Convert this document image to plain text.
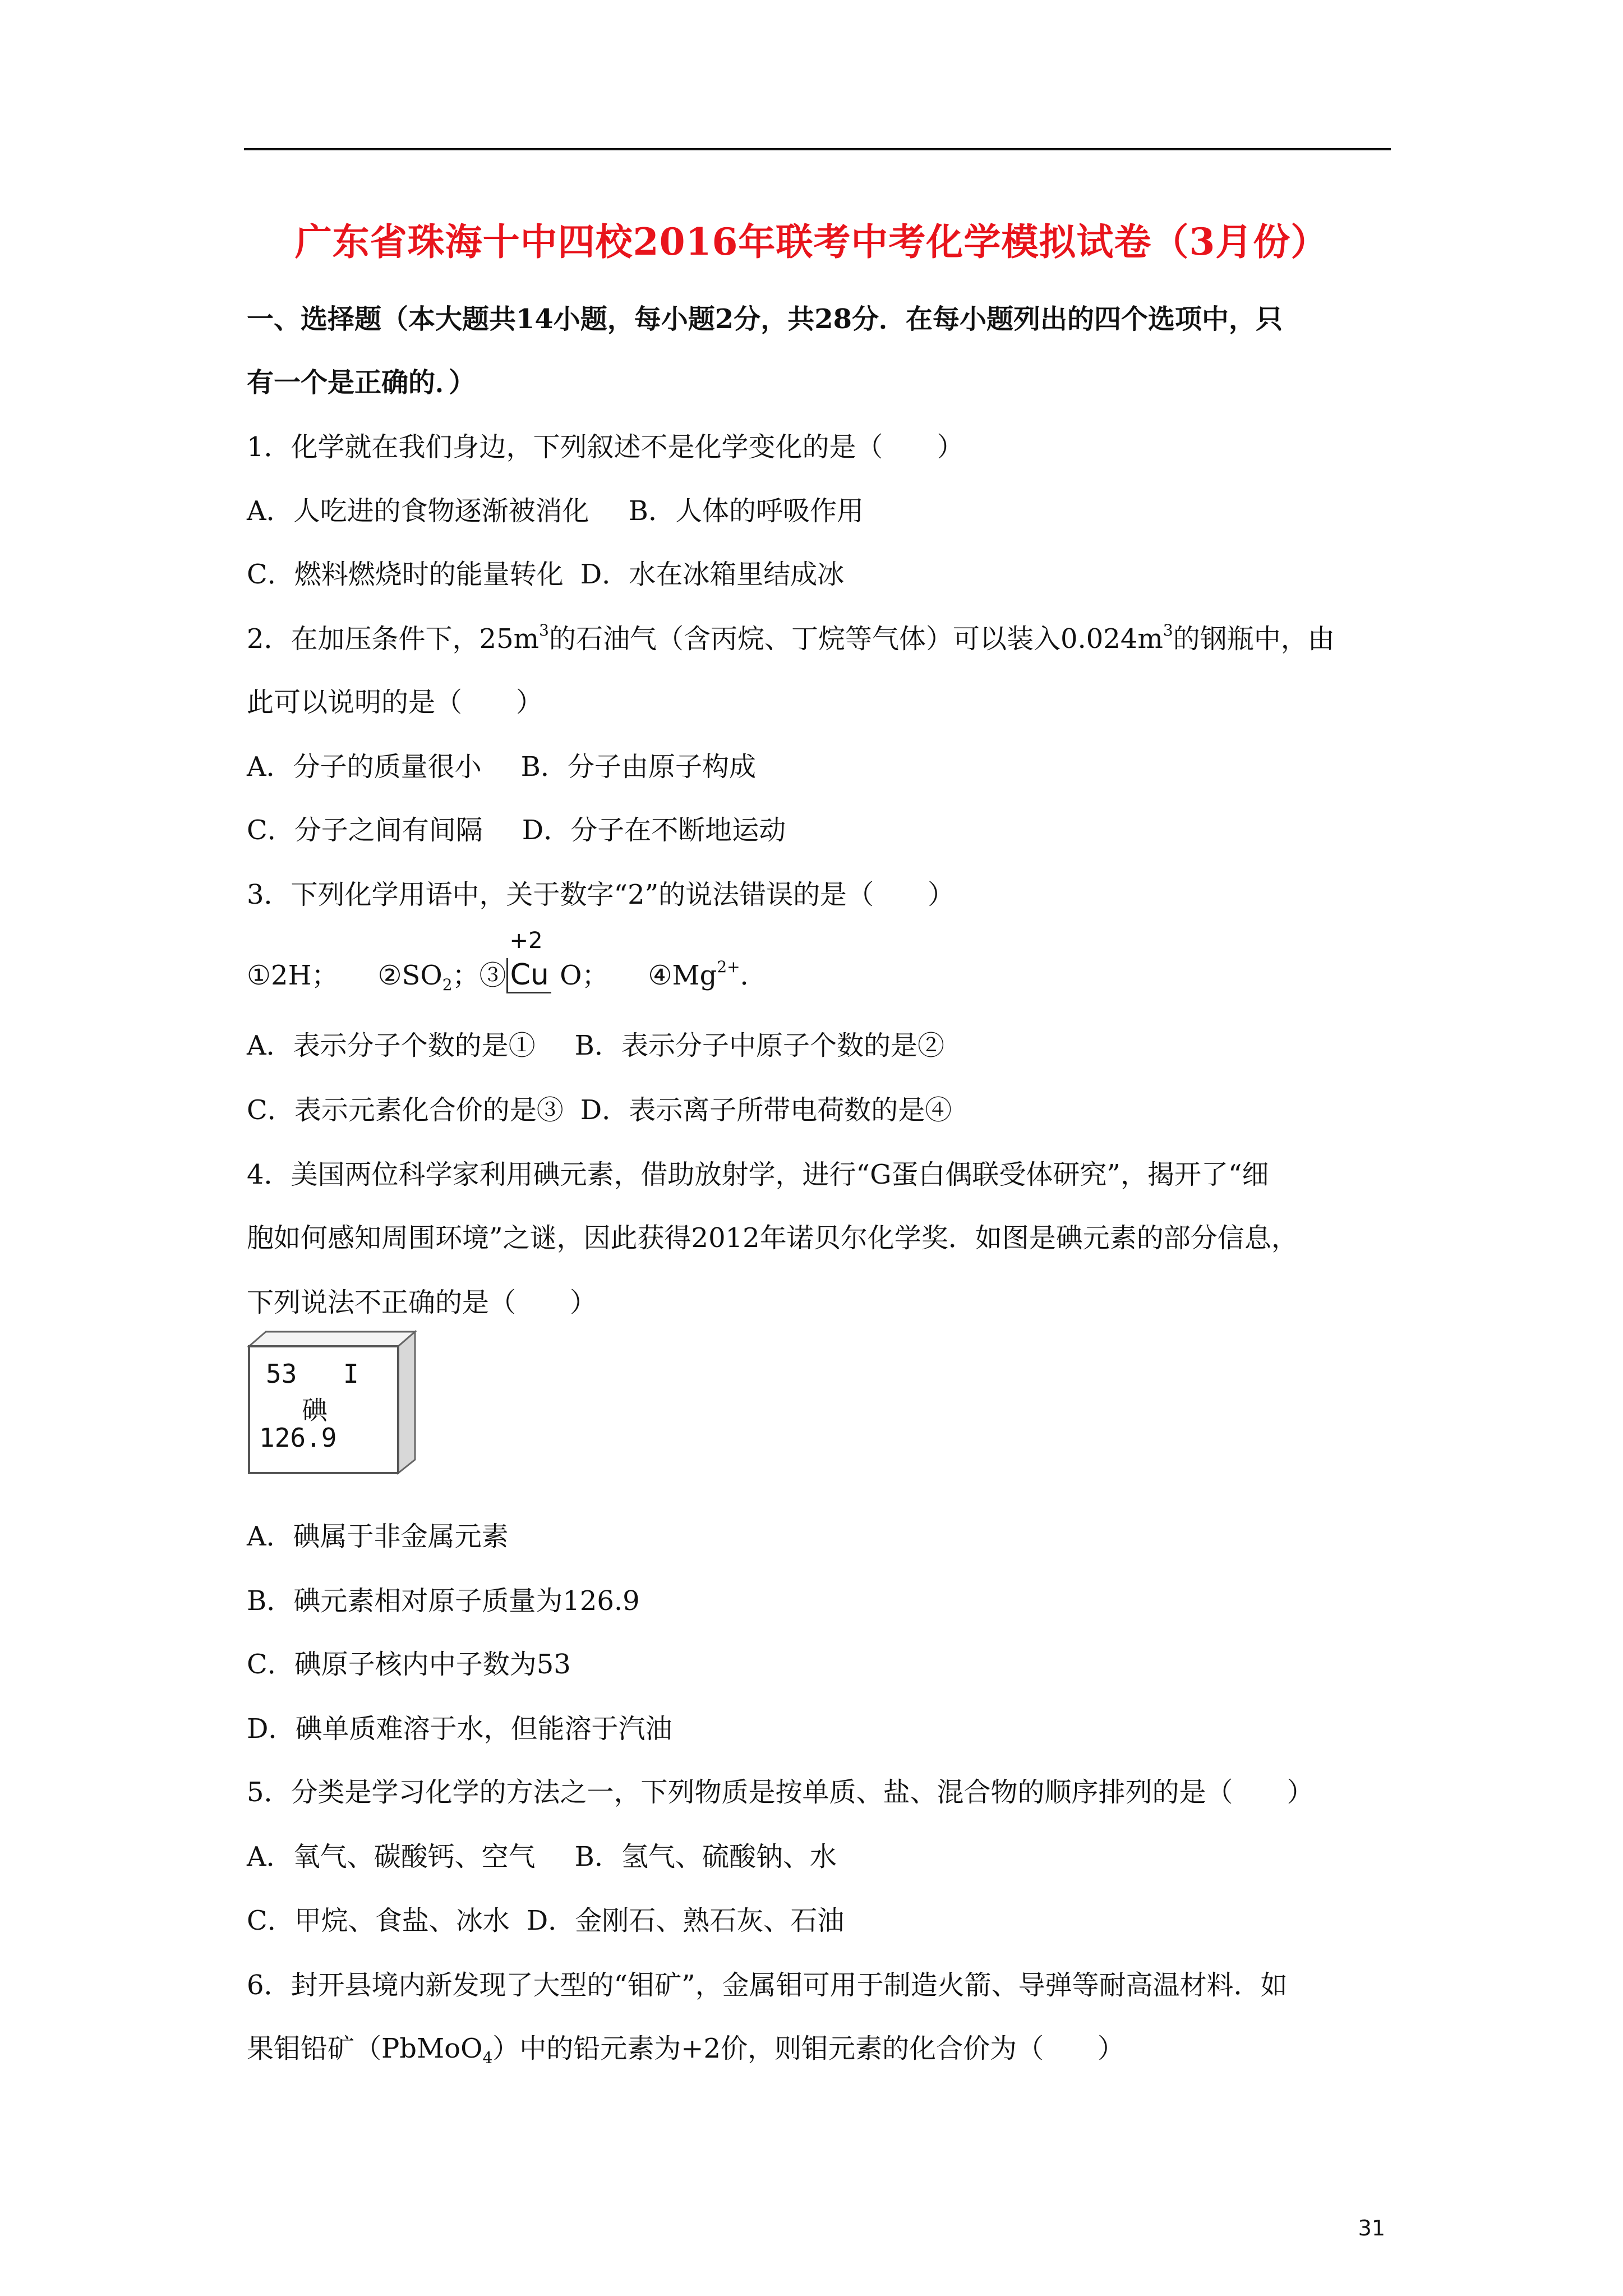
广东省珠海十中四校2016年联考中考化学模拟试卷（3月份）
一、选择题（本大题共14小题，每小题2分，共28分．在每小题列出的四个选项中，只
有一个是正确的．）
1．化学就在我们身边，下列叙述不是化学变化的是（　　）
A．人吃进的食物逐渐被消化 B．人体的呼吸作用
C．燃料燃烧时的能量转化 D．水在冰箱里结成冰
2．在加压条件下，$25m^3$的石油气（含丙烷、丁烷等气体）可以装入$0.024m^3$的钢瓶中，由
此可以说明的是（　　）
A．分子的质量很小 B．分子由原子构成
C．分子之间有间隔 D．分子在不断地运动
3．下列化学用语中，关于数字“2”的说法错误的是（　　）
①2H； $②SO_2$；③
+2
Cu O； $④Mg^{2+}$．
A．表示分子个数的是① B．表示分子中原子个数的是②
C．表示元素化合价的是③ D．表示离子所带电荷数的是④
4．美国两位科学家利用碘元素，借助放射学，进行“G蛋白偶联受体研究”，揭开了“细
胞如何感知周围环境”之谜，因此获得2012年诺贝尔化学奖．如图是碘元素的部分信息，
下列说法不正确的是（　　）
53 I
碘
126.9
A．碘属于非金属元素
B．碘元素相对原子质量为126.9
C．碘原子核内中子数为53
D．碘单质难溶于水，但能溶于汽油
5．分类是学习化学的方法之一，下列物质是按单质、盐、混合物的顺序排列的是（　　）
A．氧气、碳酸钙、空气 B．氢气、硫酸钠、水
C．甲烷、食盐、冰水 D．金刚石、熟石灰、石油
6．封开县境内新发现了大型的“钼矿”，金属钼可用于制造火箭、导弹等耐高温材料．如
果钼铅矿（PbMoO$_4$）中的铅元素为+2价，则钼元素的化合价为（　　）
31
